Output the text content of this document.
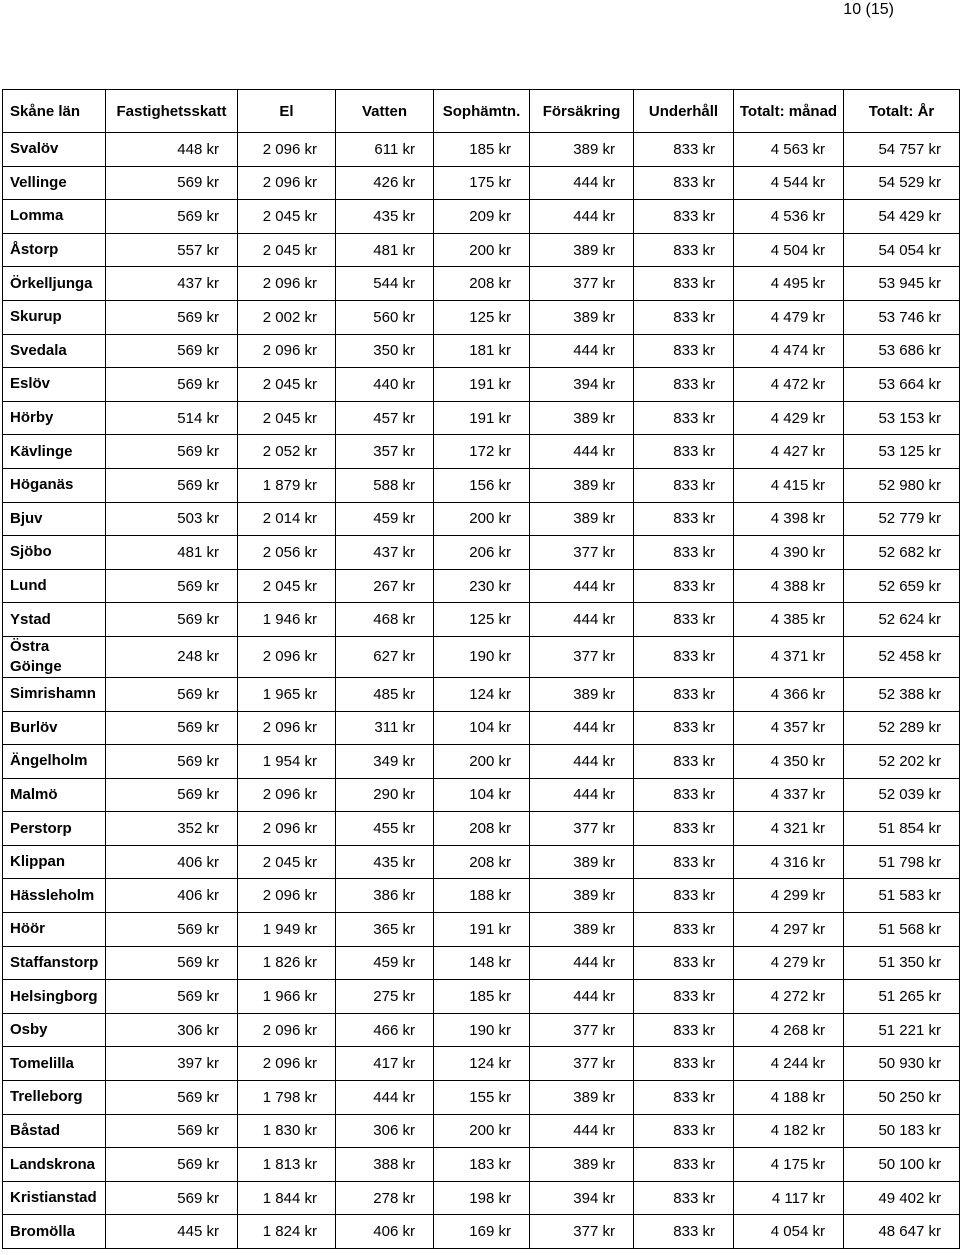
10 (15)
Skåne län	Fastighetsskatt	El	Vatten	Sophämtn.	Försäkring	Underhåll	Totalt: månad	Totalt: År
Svalöv	448 kr	2 096 kr	611 kr	185 kr	389 kr	833 kr	4 563 kr	54 757 kr
Vellinge	569 kr	2 096 kr	426 kr	175 kr	444 kr	833 kr	4 544 kr	54 529 kr
Lomma	569 kr	2 045 kr	435 kr	209 kr	444 kr	833 kr	4 536 kr	54 429 kr
Åstorp	557 kr	2 045 kr	481 kr	200 kr	389 kr	833 kr	4 504 kr	54 054 kr
Örkelljunga	437 kr	2 096 kr	544 kr	208 kr	377 kr	833 kr	4 495 kr	53 945 kr
Skurup	569 kr	2 002 kr	560 kr	125 kr	389 kr	833 kr	4 479 kr	53 746 kr
Svedala	569 kr	2 096 kr	350 kr	181 kr	444 kr	833 kr	4 474 kr	53 686 kr
Eslöv	569 kr	2 045 kr	440 kr	191 kr	394 kr	833 kr	4 472 kr	53 664 kr
Hörby	514 kr	2 045 kr	457 kr	191 kr	389 kr	833 kr	4 429 kr	53 153 kr
Kävlinge	569 kr	2 052 kr	357 kr	172 kr	444 kr	833 kr	4 427 kr	53 125 kr
Höganäs	569 kr	1 879 kr	588 kr	156 kr	389 kr	833 kr	4 415 kr	52 980 kr
Bjuv	503 kr	2 014 kr	459 kr	200 kr	389 kr	833 kr	4 398 kr	52 779 kr
Sjöbo	481 kr	2 056 kr	437 kr	206 kr	377 kr	833 kr	4 390 kr	52 682 kr
Lund	569 kr	2 045 kr	267 kr	230 kr	444 kr	833 kr	4 388 kr	52 659 kr
Ystad	569 kr	1 946 kr	468 kr	125 kr	444 kr	833 kr	4 385 kr	52 624 kr
Östra Göinge	248 kr	2 096 kr	627 kr	190 kr	377 kr	833 kr	4 371 kr	52 458 kr
Simrishamn	569 kr	1 965 kr	485 kr	124 kr	389 kr	833 kr	4 366 kr	52 388 kr
Burlöv	569 kr	2 096 kr	311 kr	104 kr	444 kr	833 kr	4 357 kr	52 289 kr
Ängelholm	569 kr	1 954 kr	349 kr	200 kr	444 kr	833 kr	4 350 kr	52 202 kr
Malmö	569 kr	2 096 kr	290 kr	104 kr	444 kr	833 kr	4 337 kr	52 039 kr
Perstorp	352 kr	2 096 kr	455 kr	208 kr	377 kr	833 kr	4 321 kr	51 854 kr
Klippan	406 kr	2 045 kr	435 kr	208 kr	389 kr	833 kr	4 316 kr	51 798 kr
Hässleholm	406 kr	2 096 kr	386 kr	188 kr	389 kr	833 kr	4 299 kr	51 583 kr
Höör	569 kr	1 949 kr	365 kr	191 kr	389 kr	833 kr	4 297 kr	51 568 kr
Staffanstorp	569 kr	1 826 kr	459 kr	148 kr	444 kr	833 kr	4 279 kr	51 350 kr
Helsingborg	569 kr	1 966 kr	275 kr	185 kr	444 kr	833 kr	4 272 kr	51 265 kr
Osby	306 kr	2 096 kr	466 kr	190 kr	377 kr	833 kr	4 268 kr	51 221 kr
Tomelilla	397 kr	2 096 kr	417 kr	124 kr	377 kr	833 kr	4 244 kr	50 930 kr
Trelleborg	569 kr	1 798 kr	444 kr	155 kr	389 kr	833 kr	4 188 kr	50 250 kr
Båstad	569 kr	1 830 kr	306 kr	200 kr	444 kr	833 kr	4 182 kr	50 183 kr
Landskrona	569 kr	1 813 kr	388 kr	183 kr	389 kr	833 kr	4 175 kr	50 100 kr
Kristianstad	569 kr	1 844 kr	278 kr	198 kr	394 kr	833 kr	4 117 kr	49 402 kr
Bromölla	445 kr	1 824 kr	406 kr	169 kr	377 kr	833 kr	4 054 kr	48 647 kr
